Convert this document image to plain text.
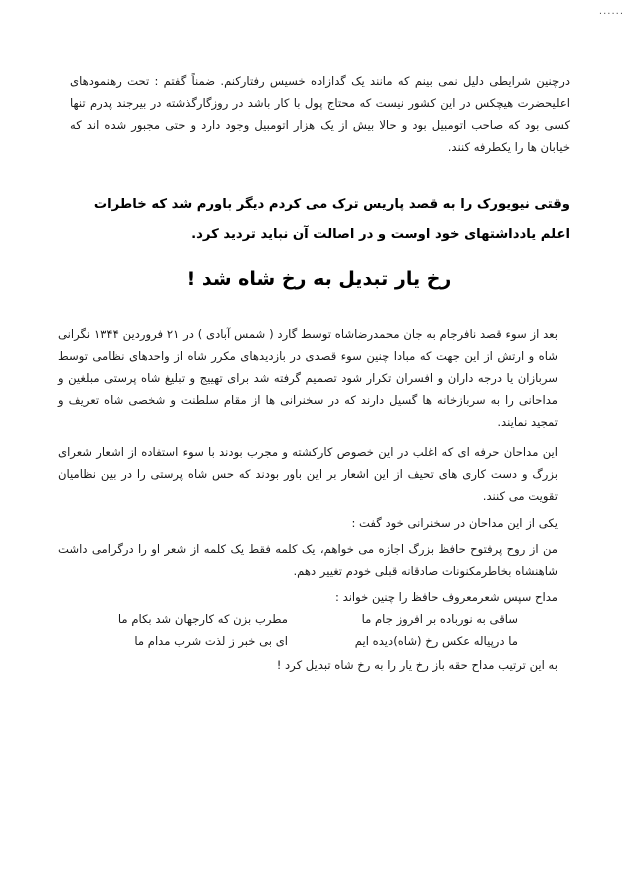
......

درچنین شرایطی دلیل نمی بینم که مانند یک گدازاده خسیس رفتارکنم. ضمناً گفتم : تحت رهنمودهای اعلیحضرت هیچکس در این کشور نیست که محتاج پول با کار باشد در روزگارگذشته در بیرجند پدرم تنها کسی بود که صاحب اتومبیل بود و حالا بیش از یک هزار اتومبیل وجود دارد و حتی مجبور شده اند که خیابان ها را یکطرفه کنند.

وقتی نیویورک را به قصد پاریس ترک می کردم دیگر باورم شد که خاطرات اعلم یادداشتهای خود اوست و در اصالت آن نباید تردید کرد.

رخ یار تبدیل به رخ شاه شد !

بعد از سوء قصد نافرجام به جان محمدرضاشاه توسط گارد ( شمس آبادی ) در ۲۱ فروردین ۱۳۴۴ نگرانی شاه و ارتش از این جهت که مبادا چنین سوء قصدی در بازدیدهای مکرر شاه از واحدهای نظامی توسط سربازان یا درجه داران و افسران تکرار شود تصمیم گرفته شد برای تهییج و تبلیغ شاه پرستی مبلغین و مداحانی را به سربازخانه ها گسیل دارند که در سخنرانی ها از مقام سلطنت و شخصی شاه تعریف و تمجید نمایند.

این مداحان حرفه ای که اغلب در این خصوص کارکشته و مجرب بودند با سوء استفاده از اشعار شعرای بزرگ و دست کاری های تحیف از این اشعار بر این باور بودند که حس شاه پرستی را در بین نظامیان تقویت می کنند.

یکی از این مداحان در سخنرانی خود گفت :

من از روح پرفتوح حافظ بزرگ اجازه می خواهم، یک کلمه فقط یک کلمه از شعر او را درگرامی داشت شاهنشاه بخاطرمکنونات صادقانه قبلی خودم تغییر دهم.

مداح سپس شعرمعروف حافظ را چنین خواند :

ساقی به نورباده بر افروز جام ما
مطرب بزن که کارجهان شد بکام ما
ما درپیاله عکس رخ (شاه)دیده ایم
ای بی خبر ز لذت شرب مدام ما

به این ترتیب مداح حقه باز رخ یار را به رخ شاه تبدیل کرد !
